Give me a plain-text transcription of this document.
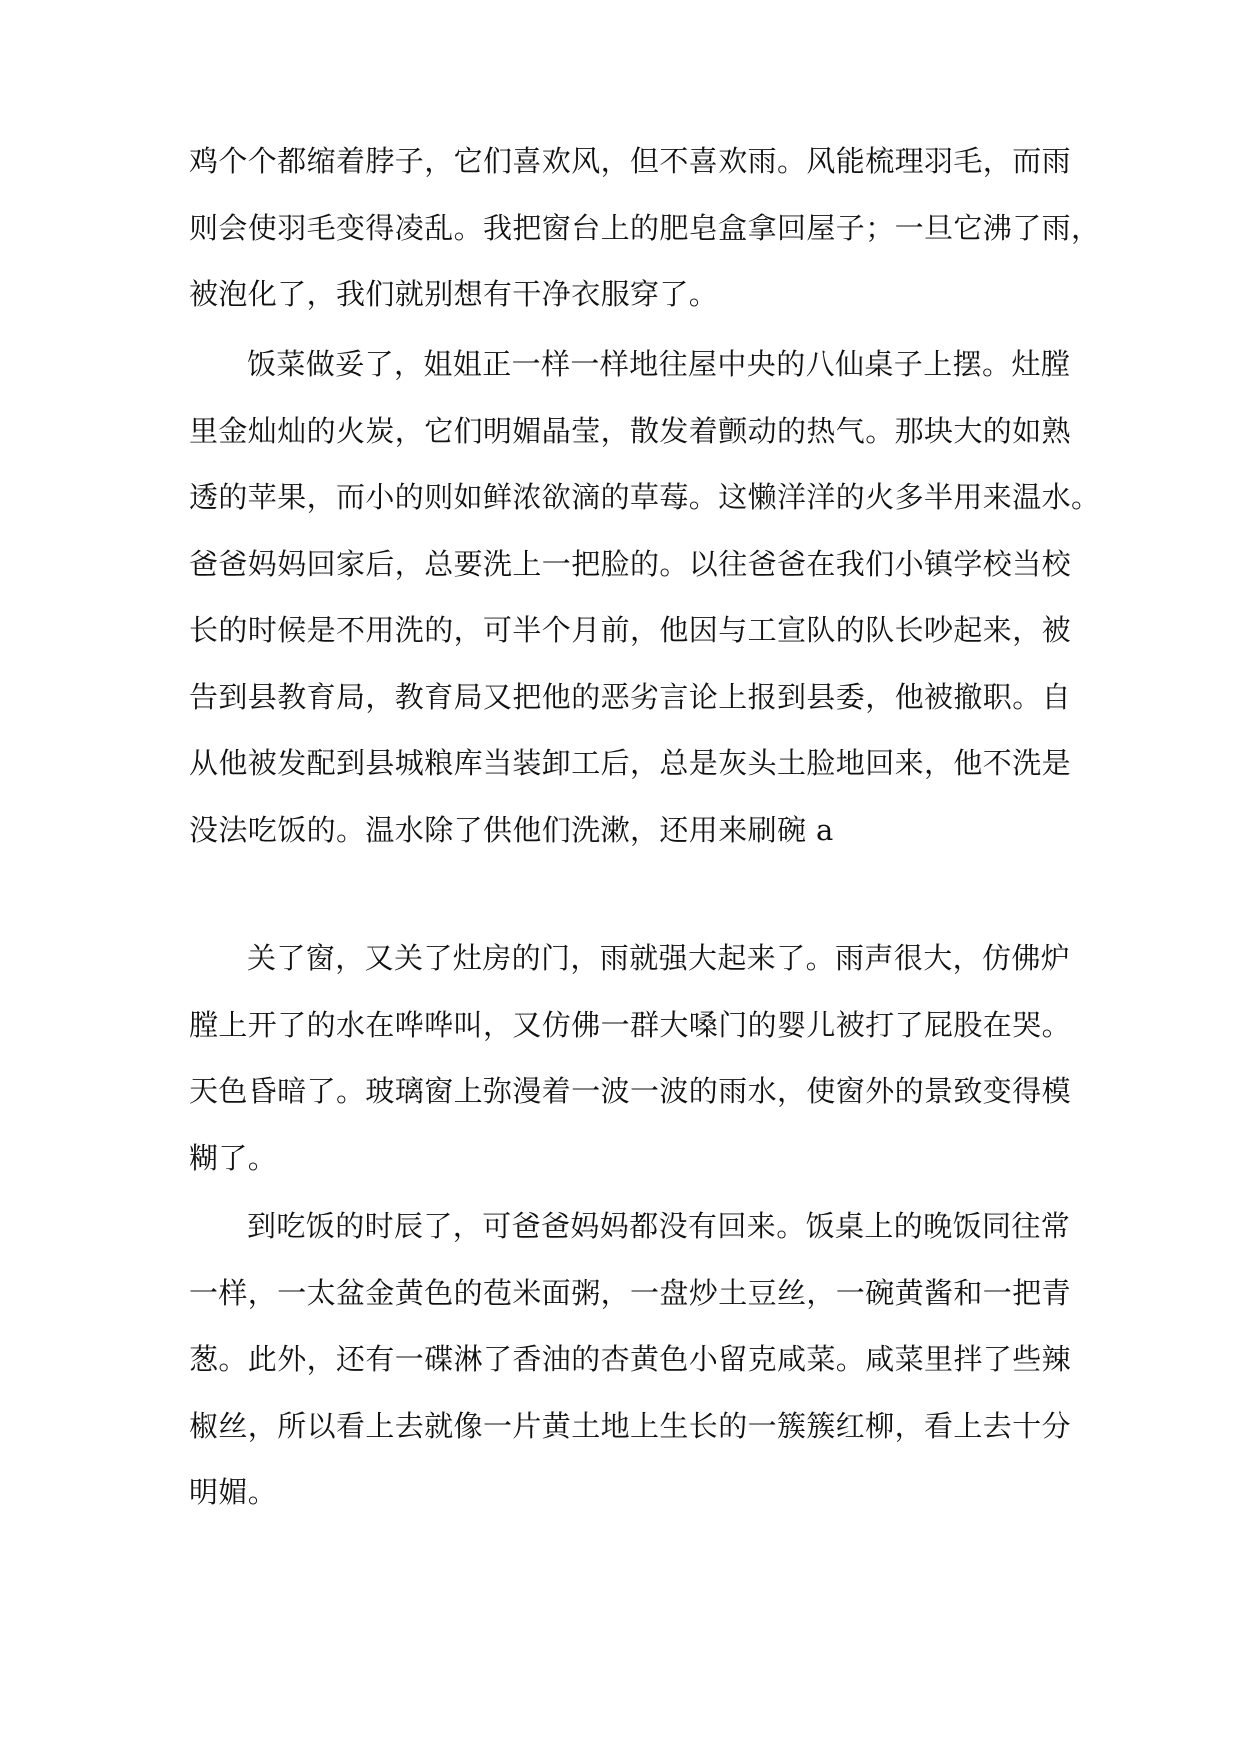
鸡个个都缩着脖子，它们喜欢风，但不喜欢雨。风能梳理羽毛，而雨
则会使羽毛变得凌乱。我把窗台上的肥皂盒拿回屋子；一旦它沸了雨，
被泡化了，我们就别想有干净衣服穿了。
饭菜做妥了，姐姐正一样一样地往屋中央的八仙桌子上摆。灶膛
里金灿灿的火炭，它们明媚晶莹，散发着颤动的热气。那块大的如熟
透的苹果，而小的则如鲜浓欲滴的草莓。这懒洋洋的火多半用来温水。
爸爸妈妈回家后，总要洗上一把脸的。以往爸爸在我们小镇学校当校
长的时候是不用洗的，可半个月前，他因与工宣队的队长吵起来，被
告到县教育局，教育局又把他的恶劣言论上报到县委，他被撤职。自
从他被发配到县城粮库当装卸工后，总是灰头土脸地回来，他不洗是
没法吃饭的。温水除了供他们洗漱，还用来刷碗 a
关了窗，又关了灶房的门，雨就强大起来了。雨声很大，仿佛炉
膛上开了的水在哗哗叫，又仿佛一群大嗓门的婴儿被打了屁股在哭。
天色昏暗了。玻璃窗上弥漫着一波一波的雨水，使窗外的景致变得模
糊了。
到吃饭的时辰了，可爸爸妈妈都没有回来。饭桌上的晚饭同往常
一样，一太盆金黄色的苞米面粥，一盘炒土豆丝，一碗黄酱和一把青
葱。此外，还有一碟淋了香油的杏黄色小留克咸菜。咸菜里拌了些辣
椒丝，所以看上去就像一片黄土地上生长的一簇簇红柳，看上去十分
明媚。
